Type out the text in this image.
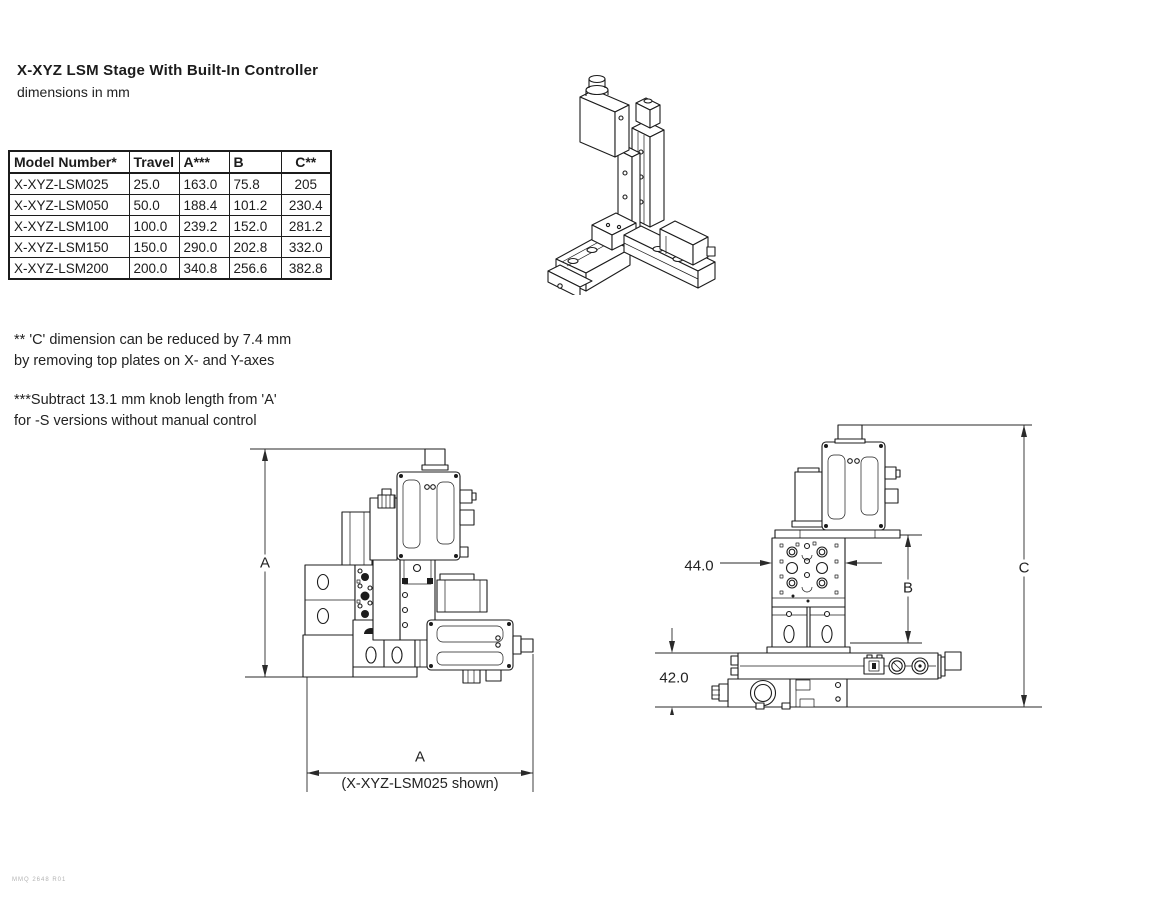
X-XYZ LSM Stage With Built-In Controller
dimensions in mm
Model Number*	Travel	A***	B	C**
X-XYZ-LSM025	25.0	163.0	75.8	205
X-XYZ-LSM050	50.0	188.4	101.2	230.4
X-XYZ-LSM100	100.0	239.2	152.0	281.2
X-XYZ-LSM150	150.0	290.0	202.8	332.0
X-XYZ-LSM200	200.0	340.8	256.6	382.8
** 'C' dimension can be reduced by 7.4 mm
by removing top plates on X- and Y-axes
***Subtract 13.1 mm knob length from 'A'
for -S versions without manual control
A
A
(X-XYZ-LSM025 shown)
44.0
B
C
42.0
MMQ 2648 R01
